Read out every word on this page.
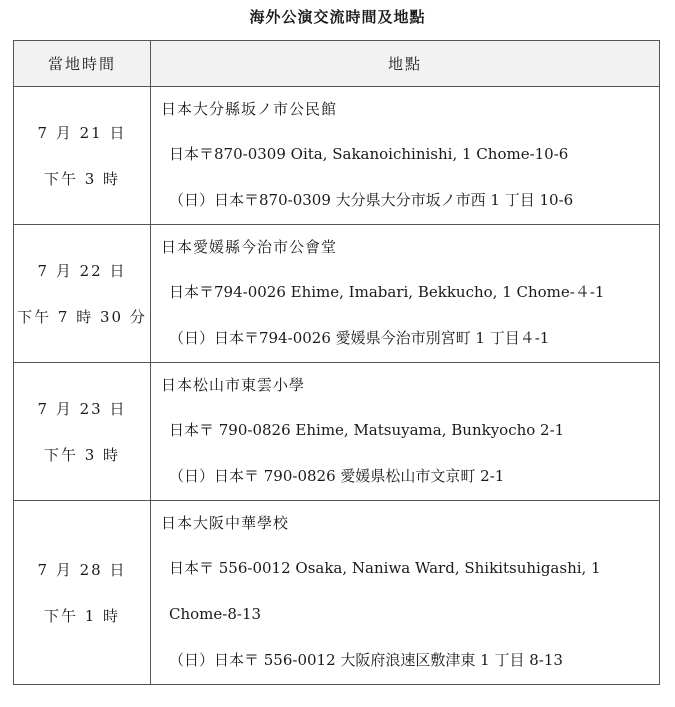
海外公演交流時間及地點
當地時間	地點

7 月 21 日
下午 3 時	日本大分縣坂ノ市公民館
日本〒870-0309 Oita, Sakanoichinishi, 1 Chome-10-6
（日）日本〒870-0309 大分県大分市坂ノ市西 1 丁目 10-6

7 月 22 日
下午 7 時 30 分	日本愛媛縣今治市公會堂
日本〒794-0026 Ehime, Imabari, Bekkucho, 1 Chome-４-1
（日）日本〒794-0026 愛媛県今治市別宮町 1 丁目４-1

7 月 23 日
下午 3 時	日本松山市東雲小學
日本〒 790-0826 Ehime, Matsuyama, Bunkyocho 2-1
（日）日本〒 790-0826 愛媛県松山市文京町 2-1

7 月 28 日
下午 1 時	日本大阪中華學校
日本〒 556-0012 Osaka, Naniwa Ward, Shikitsuhigashi, 1 Chome-8-13
（日）日本〒 556-0012 大阪府浪速区敷津東 1 丁目 8-13
